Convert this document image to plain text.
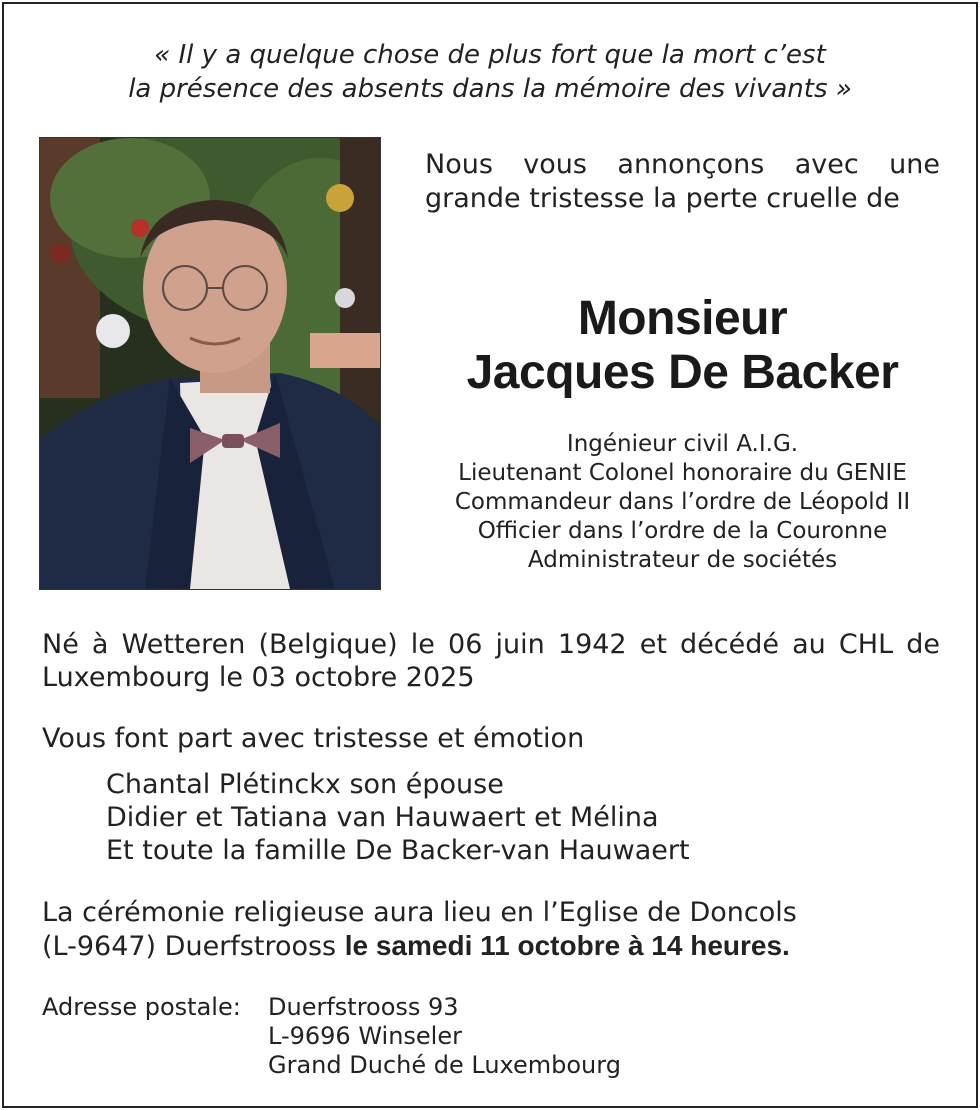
« Il y a quelque chose de plus fort que la mort c’est
la présence des absents dans la mémoire des vivants »
Nous vous annonçons avec une
grande tristesse la perte cruelle de
Monsieur
Jacques De Backer
Ingénieur civil A.I.G.
Lieutenant Colonel honoraire du GENIE
Commandeur dans l’ordre de Léopold II
Officier dans l’ordre de la Couronne
Administrateur de sociétés
Né à Wetteren (Belgique) le 06 juin 1942 et décédé au CHL de
Luxembourg le 03 octobre 2025
Vous font part avec tristesse et émotion
Chantal Plétinckx son épouse
Didier et Tatiana van Hauwaert et Mélina
Et toute la famille De Backer-van Hauwaert
La cérémonie religieuse aura lieu en l’Eglise de Doncols
(L-9647) Duerfstrooss le samedi 11 octobre à 14 heures.
Adresse postale: Duerfstrooss 93
L-9696 Winseler
Grand Duché de Luxembourg
